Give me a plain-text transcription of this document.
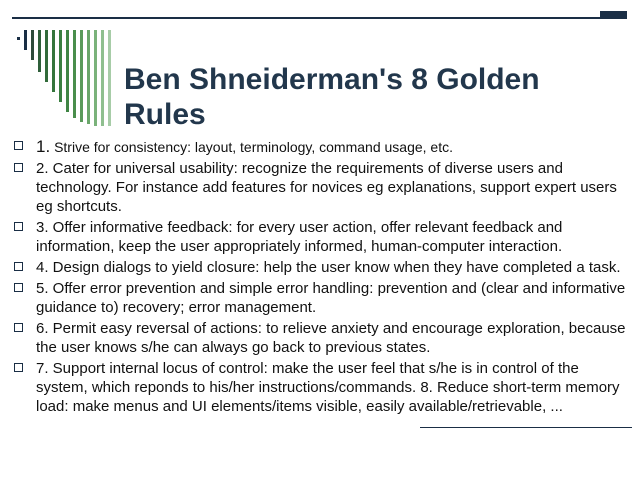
Ben Shneiderman's 8 Golden Rules
1. Strive for consistency: layout, terminology, command usage, etc.
2. Cater for universal usability: recognize the requirements of diverse users and technology. For instance add features for novices eg explanations, support expert users eg shortcuts.
3. Offer informative feedback: for every user action, offer relevant feedback and information, keep the user appropriately informed, human-computer interaction.
4. Design dialogs to yield closure: help the user know when they have completed a task.
5. Offer error prevention and simple error handling: prevention and (clear and informative guidance to) recovery; error management.
6. Permit easy reversal of actions: to relieve anxiety and encourage exploration, because the user knows s/he can always go back to previous states.
7. Support internal locus of control: make the user feel that s/he is in control of the system, which reponds to his/her instructions/commands. 8. Reduce short-term memory load: make menus and UI elements/items visible, easily available/retrievable, ...
